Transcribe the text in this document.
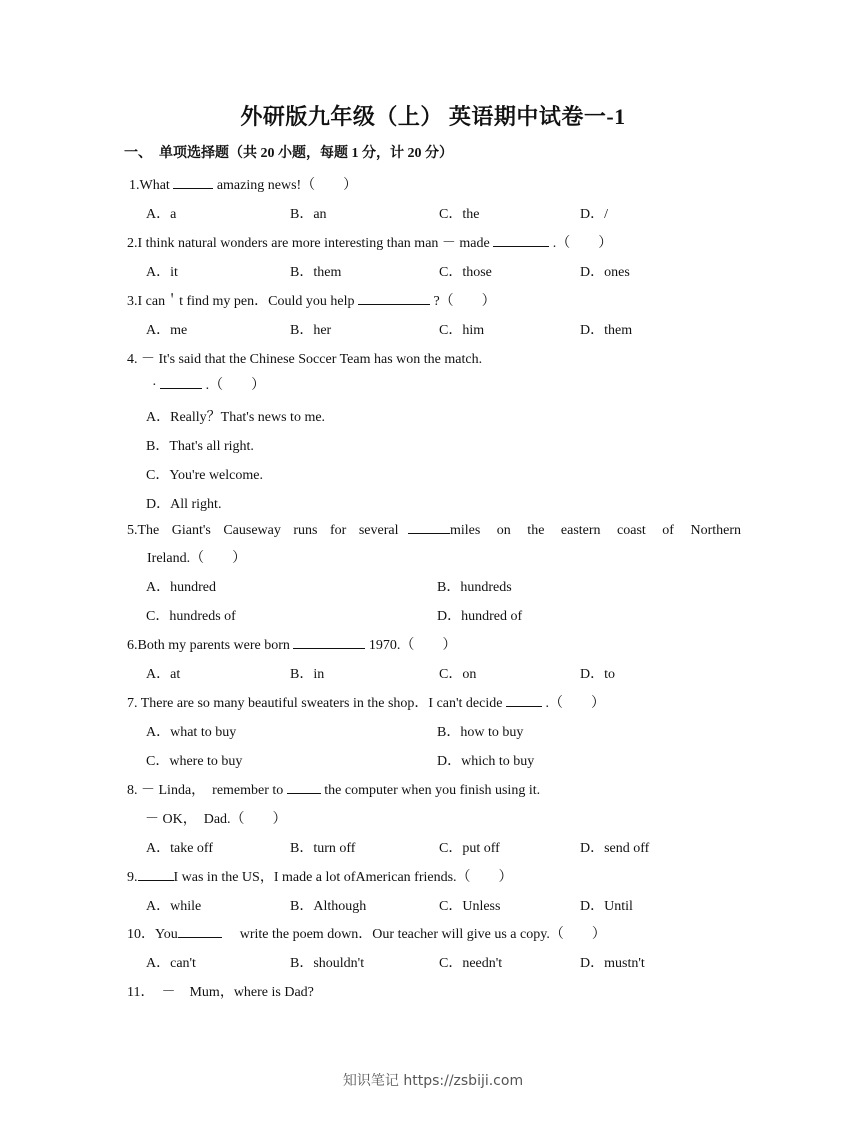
外研版九年级（上） 英语期中试卷一-1
一、　单项选择题（共 20 小题，每题 1 分，计 20 分）
1.What	amazing news!（　　）
A．a	B．an	C．the	D．/
2.I think natural wonders are more interesting than man － made	.（　　）
A．it	B．them	C．those	D．ones
3.I can＇t find my pen．Could you help	?（　　）
A．me	B．her	C．him	D．them
4. － It's said that the Chinese Soccer Team has won the match.
·	.（　　）
A．Really？That's news to me.
B．That's all right.
C．You're welcome.
D．All right.
5.The Giant's Causeway runs for several	miles on the eastern coast of Northern
Ireland.（　　）
A．hundred	B．hundreds
C．hundreds of	D．hundred of
6.Both my parents were born	1970.（　　）
A．at	B．in	C．on	D．to
7. There are so many beautiful sweaters in the shop．I can't decide	.（　　）
A．what to buy	B．how to buy
C．where to buy	D．which to buy
8. － Linda，　remember to	the computer when you finish using it.
－ OK，　Dad.（　　）
A．take off	B．turn off	C．put off	D．send off
9.	I was in the US，I made a lot ofAmerican friends.（　　）
A．while	B．Although	C．Unless	D．Until
10．You	write the poem down．Our teacher will give us a copy.（　　）
A．can't	B．shouldn't	C．needn't	D．mustn't
11．　－　Mum，where is Dad?
知识笔记 https://zsbiji.com
